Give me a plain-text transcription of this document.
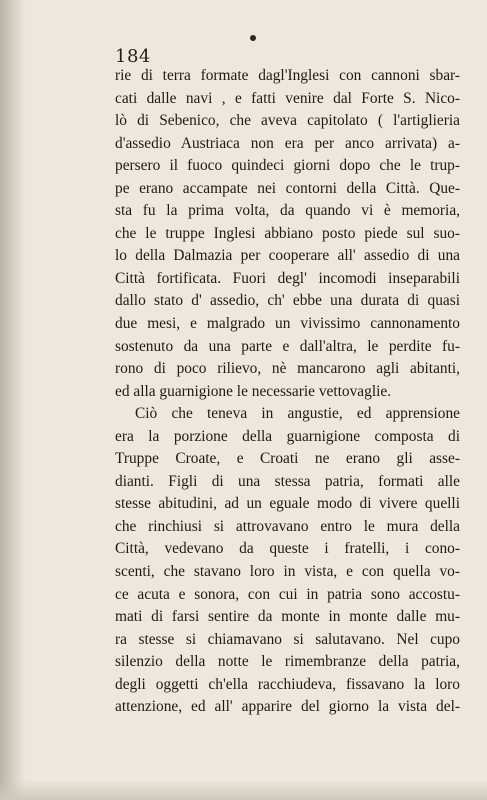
184
rie di terra formate dagl'Inglesi con cannoni sbar-
cati dalle navi , e fatti venire dal Forte S. Nico-
lò di Sebenico, che aveva capitolato ( l'artiglieria
d'assedio Austriaca non era per anco arrivata) a-
persero il fuoco quindeci giorni dopo che le trup-
pe erano accampate nei contorni della Città. Que-
sta fu la prima volta, da quando vi è memoria,
che le truppe Inglesi abbiano posto piede sul suo-
lo della Dalmazia per cooperare all' assedio di una
Città fortificata. Fuori degl' incomodi inseparabili
dallo stato d' assedio, ch' ebbe una durata di quasi
due mesi, e malgrado un vivissimo cannonamento
sostenuto da una parte e dall'altra, le perdite fu-
rono di poco rilievo, nè mancarono agli abitanti,
ed alla guarnigione le necessarie vettovaglie.
Ciò che teneva in angustie, ed apprensione
era la porzione della guarnigione composta di
Truppe Croate, e Croati ne erano gli asse-
dianti. Figli di una stessa patria, formati alle
stesse abitudini, ad un eguale modo di vivere quelli
che rinchiusi si attrovavano entro le mura della
Città, vedevano da queste i fratelli, i cono-
scenti, che stavano loro in vista, e con quella vo-
ce acuta e sonora, con cui in patria sono accostu-
mati di farsi sentire da monte in monte dalle mu-
ra stesse si chiamavano si salutavano. Nel cupo
silenzio della notte le rimembranze della patria,
degli oggetti ch'ella racchiudeva, fissavano la loro
attenzione, ed all' apparire del giorno la vista del-
